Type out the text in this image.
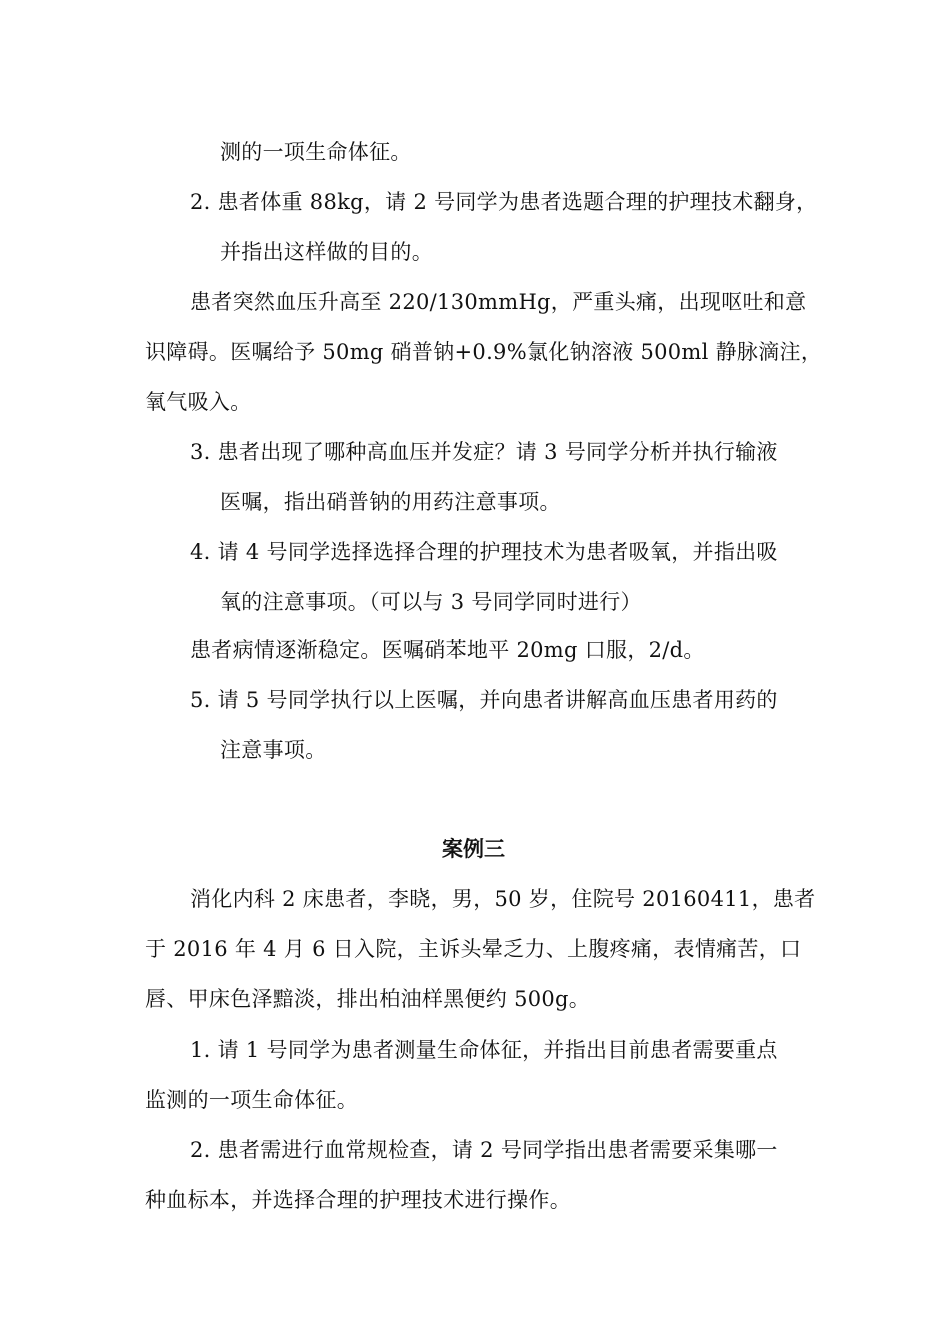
测的一项生命体征。
2. 患者体重 88kg，请 2 号同学为患者选题合理的护理技术翻身，
并指出这样做的目的。
患者突然血压升高至 220/130mmHg，严重头痛，出现呕吐和意
识障碍。医嘱给予 50mg 硝普钠+0.9%氯化钠溶液 500ml 静脉滴注，
氧气吸入。
3. 患者出现了哪种高血压并发症？请 3 号同学分析并执行输液
医嘱，指出硝普钠的用药注意事项。
4. 请 4 号同学选择选择合理的护理技术为患者吸氧，并指出吸
氧的注意事项。（可以与 3 号同学同时进行）
患者病情逐渐稳定。医嘱硝苯地平 20mg 口服，2/d。
5. 请 5 号同学执行以上医嘱，并向患者讲解高血压患者用药的
注意事项。
案例三
消化内科 2 床患者，李晓，男，50 岁，住院号 20160411，患者
于 2016 年 4 月 6 日入院，主诉头晕乏力、上腹疼痛，表情痛苦，口
唇、甲床色泽黯淡，排出柏油样黑便约 500g。
1. 请 1 号同学为患者测量生命体征，并指出目前患者需要重点
监测的一项生命体征。
2. 患者需进行血常规检查，请 2 号同学指出患者需要采集哪一
种血标本，并选择合理的护理技术进行操作。
